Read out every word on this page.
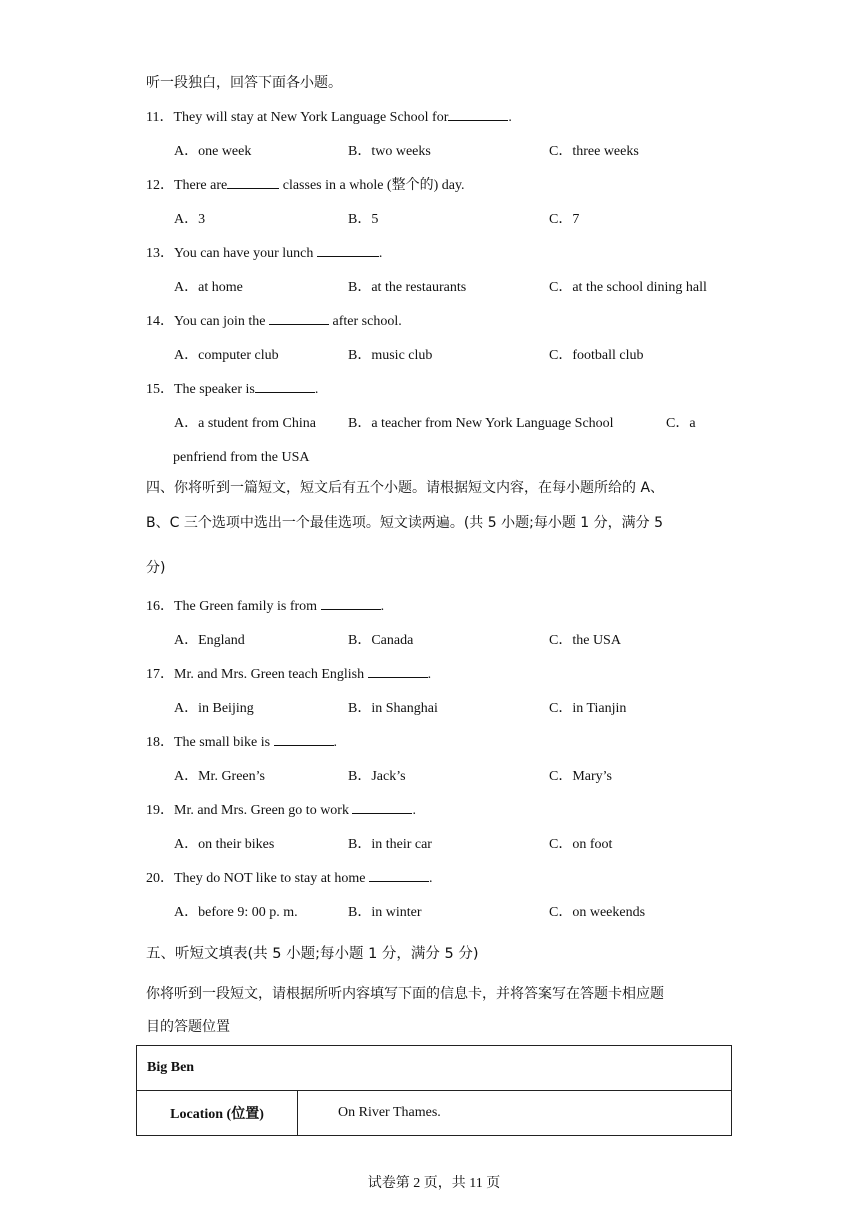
听一段独白，回答下面各小题。
11．They will stay at New York Language School for	.
A．one week	B．two weeks	C．three weeks
12．There are	classes in a whole (整个的) day.
A．3	B．5	C．7
13．You can have your lunch	.
A．at home	B．at the restaurants	C．at the school dining hall
14．You can join the	after school.
A．computer club	B．music club	C．football club
15．The speaker is	.
A．a student from China B．a teacher from New York Language School	C．a
penfriend from the USA
四、你将听到一篇短文，短文后有五个小题。请根据短文内容，在每小题所给的 A、
B、C 三个选项中选出一个最佳选项。短文读两遍。(共 5 小题;每小题 1 分，满分 5
分)
16．The Green family is from	.
A．England	B．Canada	C．the USA
17．Mr. and Mrs. Green teach English	.
A．in Beijing	B．in Shanghai	C．in Tianjin
18．The small bike is	.
A．Mr. Green’s	B．Jack’s	C．Mary’s
19．Mr. and Mrs. Green go to work	.
A．on their bikes	B．in their car	C．on foot
20．They do NOT like to stay at home	.
A．before 9: 00 p. m.	B．in winter	C．on weekends
五、听短文填表(共 5 小题;每小题 1 分，满分 5 分)
你将听到一段短文，请根据所听内容填写下面的信息卡，并将答案写在答题卡相应题
目的答题位置
Big Ben
Location (位置)	On River Thames.
试卷第 2 页，共 11 页
